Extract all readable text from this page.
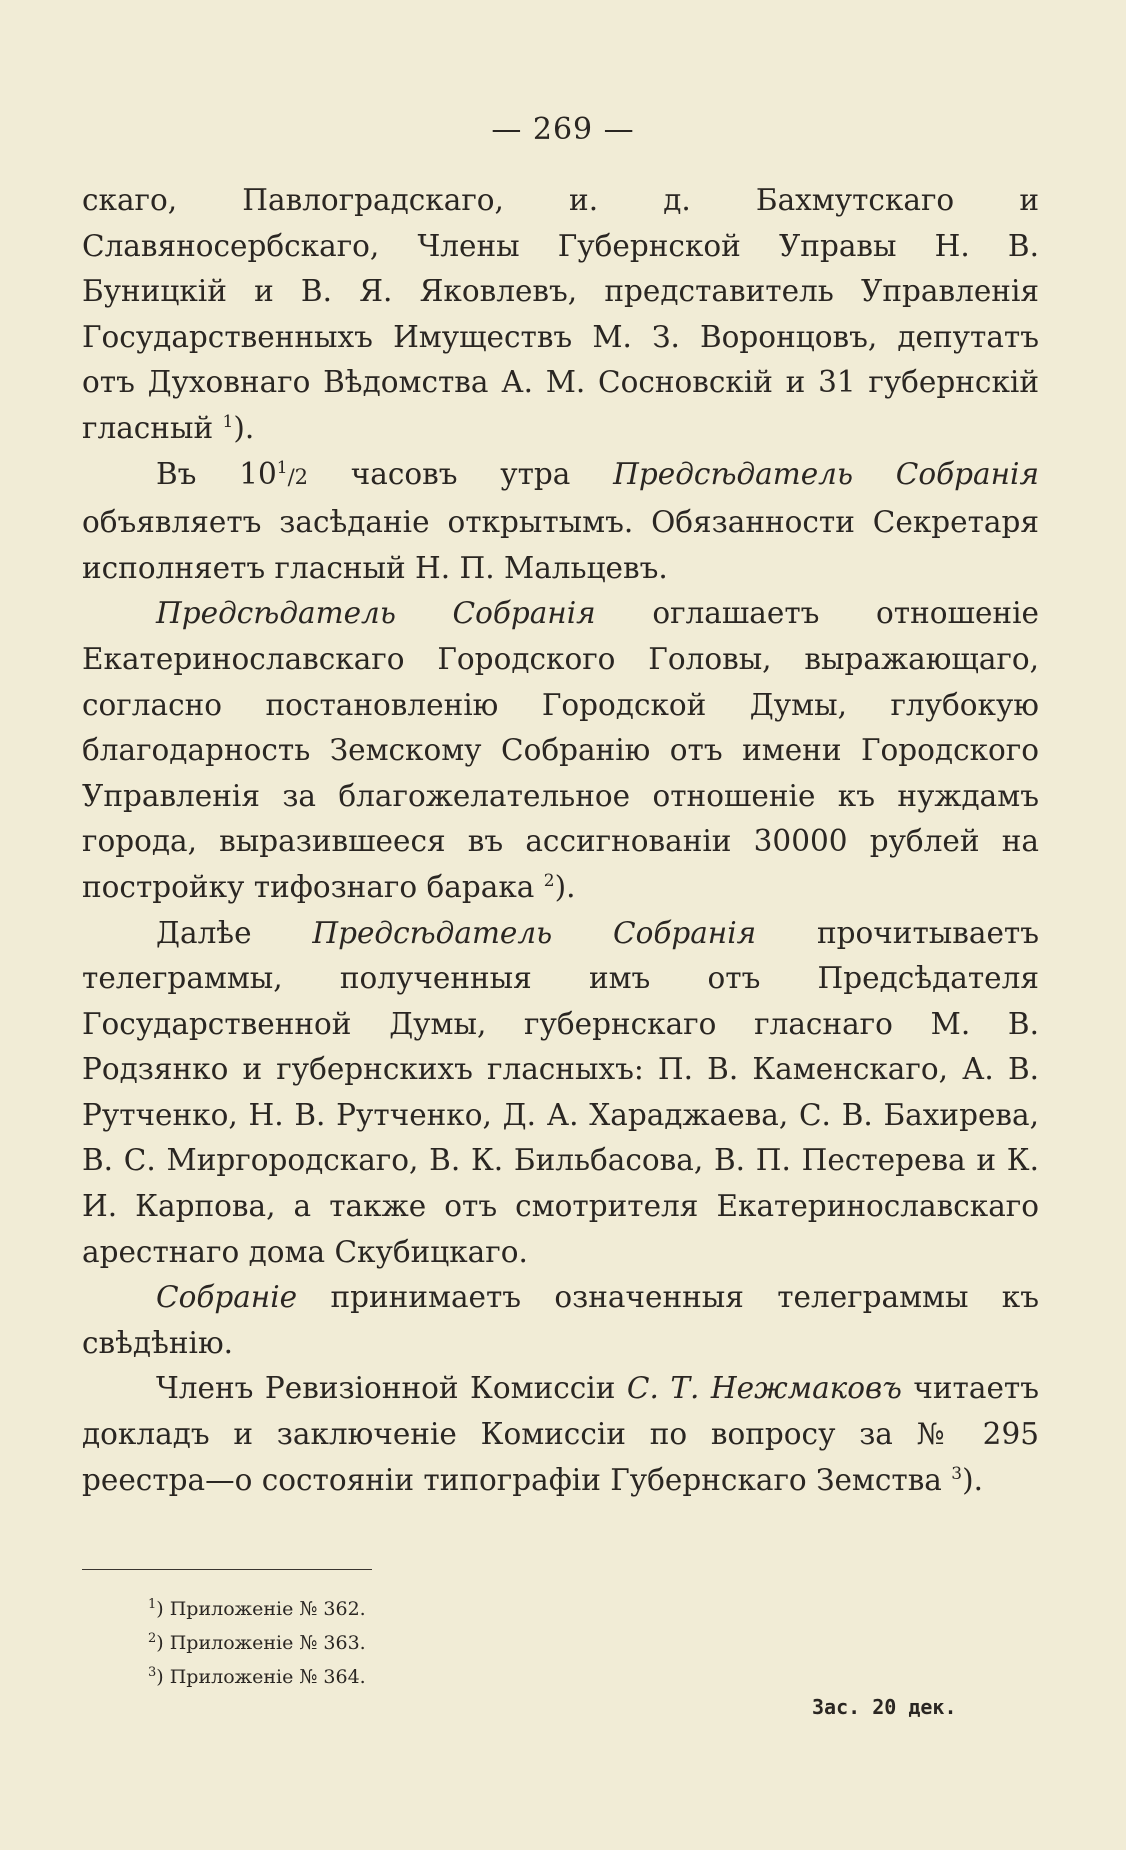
— 269 —

скаго, Павлоградскаго, и. д. Бахмутскаго и Славяносербскаго, Члены Губернской Управы Н. В. Буницкій и В. Я. Яковлевъ, представитель Управленія Государственныхъ Имуществъ М. З. Воронцовъ, депутатъ отъ Духовнаго Вѣдомства А. М. Сосновскій и 31 губернскій гласный $^1$).

Въ 10$^1$/2 часовъ утра Предсѣдатель Собранія объявляетъ засѣданіе открытымъ. Обязанности Секретаря исполняетъ гласный Н. П. Мальцевъ.

Предсѣдатель Собранія оглашаетъ отношеніе Екатеринославскаго Городского Головы, выражающаго, согласно постановленію Городской Думы, глубокую благодарность Земскому Собранію отъ имени Городского Управленія за благожелательное отношеніе къ нуждамъ города, выразившееся въ ассигнованіи 30000 рублей на постройку тифознаго барака $^2$).

Далѣе Предсѣдатель Собранія прочитываетъ телеграммы, полученныя имъ отъ Предсѣдателя Государственной Думы, губернскаго гласнаго М. В. Родзянко и губернскихъ гласныхъ: П. В. Каменскаго, А. В. Рутченко, Н. В. Рутченко, Д. А. Хараджаева, С. В. Бахирева, В. С. Миргородскаго, В. К. Бильбасова, В. П. Пестерева и К. И. Карпова, а также отъ смотрителя Екатеринославскаго арестнаго дома Скубицкаго.

Собраніе принимаетъ означенныя телеграммы къ свѣдѣнію.

Членъ Ревизіонной Комиссіи С. Т. Нежмаковъ читаетъ докладъ и заключеніе Комиссіи по вопросу за № 295 реестра—о состояніи типографіи Губернскаго Земства $^3$).

$^1$) Приложеніе № 362.
$^2$) Приложеніе № 363.
$^3$) Приложеніе № 364.
Зас. 20 дек.
